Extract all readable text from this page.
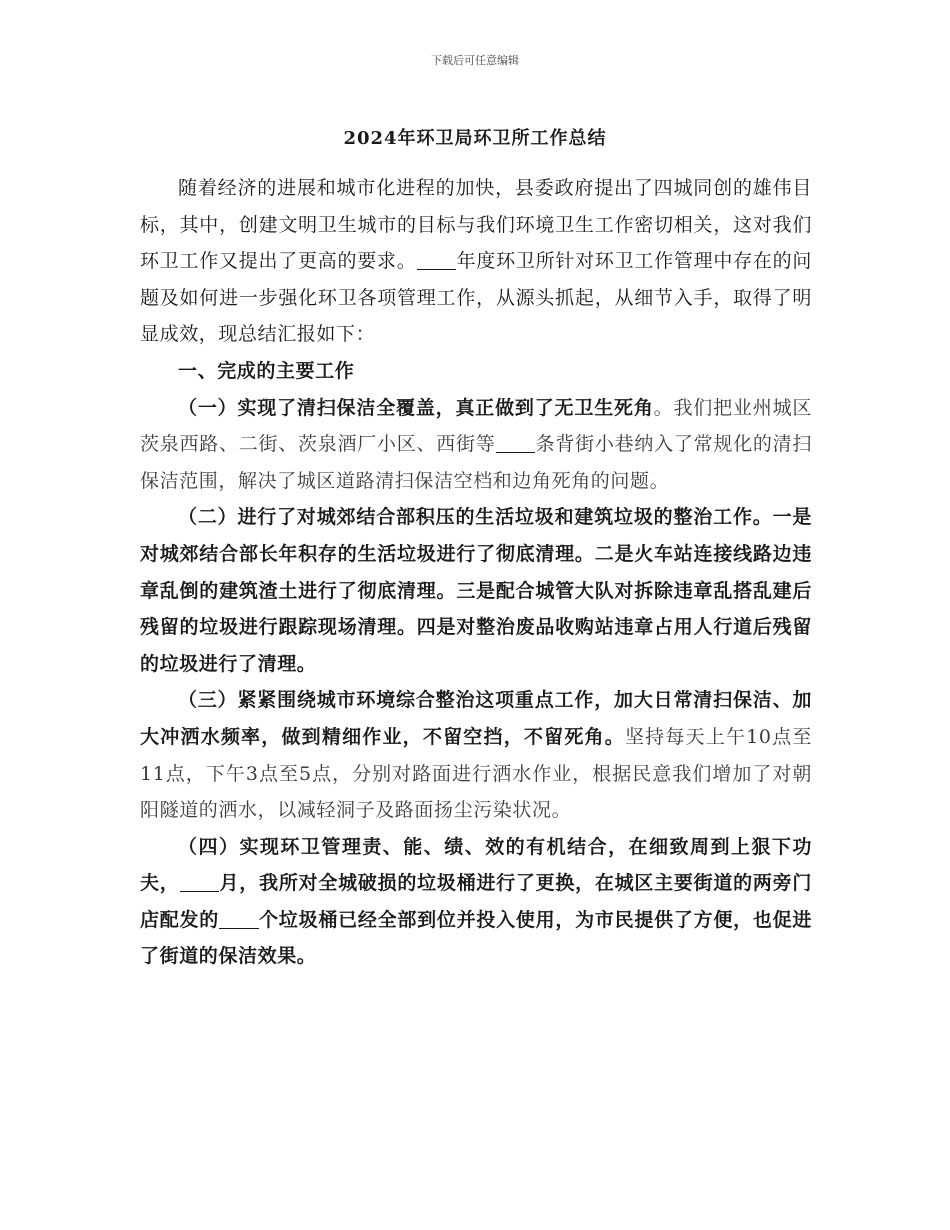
下载后可任意编辑
2024年环卫局环卫所工作总结

随着经济的进展和城市化进程的加快，县委政府提出了四城同创的雄伟目标，其中，创建文明卫生城市的目标与我们环境卫生工作密切相关，这对我们环卫工作又提出了更高的要求。 年度环卫所针对环卫工作管理中存在的问题及如何进一步强化环卫各项管理工作，从源头抓起，从细节入手，取得了明显成效，现总结汇报如下：

一、完成的主要工作

（一）实现了清扫保洁全覆盖，真正做到了无卫生死角。我们把业州城区茨泉西路、二街、茨泉酒厂小区、西街等 条背街小巷纳入了常规化的清扫保洁范围，解决了城区道路清扫保洁空档和边角死角的问题。

（二）进行了对城郊结合部积压的生活垃圾和建筑垃圾的整治工作。一是对城郊结合部长年积存的生活垃圾进行了彻底清理。二是火车站连接线路边违章乱倒的建筑渣土进行了彻底清理。三是配合城管大队对拆除违章乱搭乱建后残留的垃圾进行跟踪现场清理。四是对整治废品收购站违章占用人行道后残留的垃圾进行了清理。

（三）紧紧围绕城市环境综合整治这项重点工作，加大日常清扫保洁、加大冲洒水频率，做到精细作业，不留空挡，不留死角。坚持每天上午10点至11点，下午3点至5点，分别对路面进行洒水作业，根据民意我们增加了对朝阳隧道的洒水，以减轻洞子及路面扬尘污染状况。

（四）实现环卫管理责、能、绩、效的有机结合，在细致周到上狠下功夫， 月，我所对全城破损的垃圾桶进行了更换，在城区主要街道的两旁门店配发的 个垃圾桶已经全部到位并投入使用，为市民提供了方便，也促进了街道的保洁效果。
